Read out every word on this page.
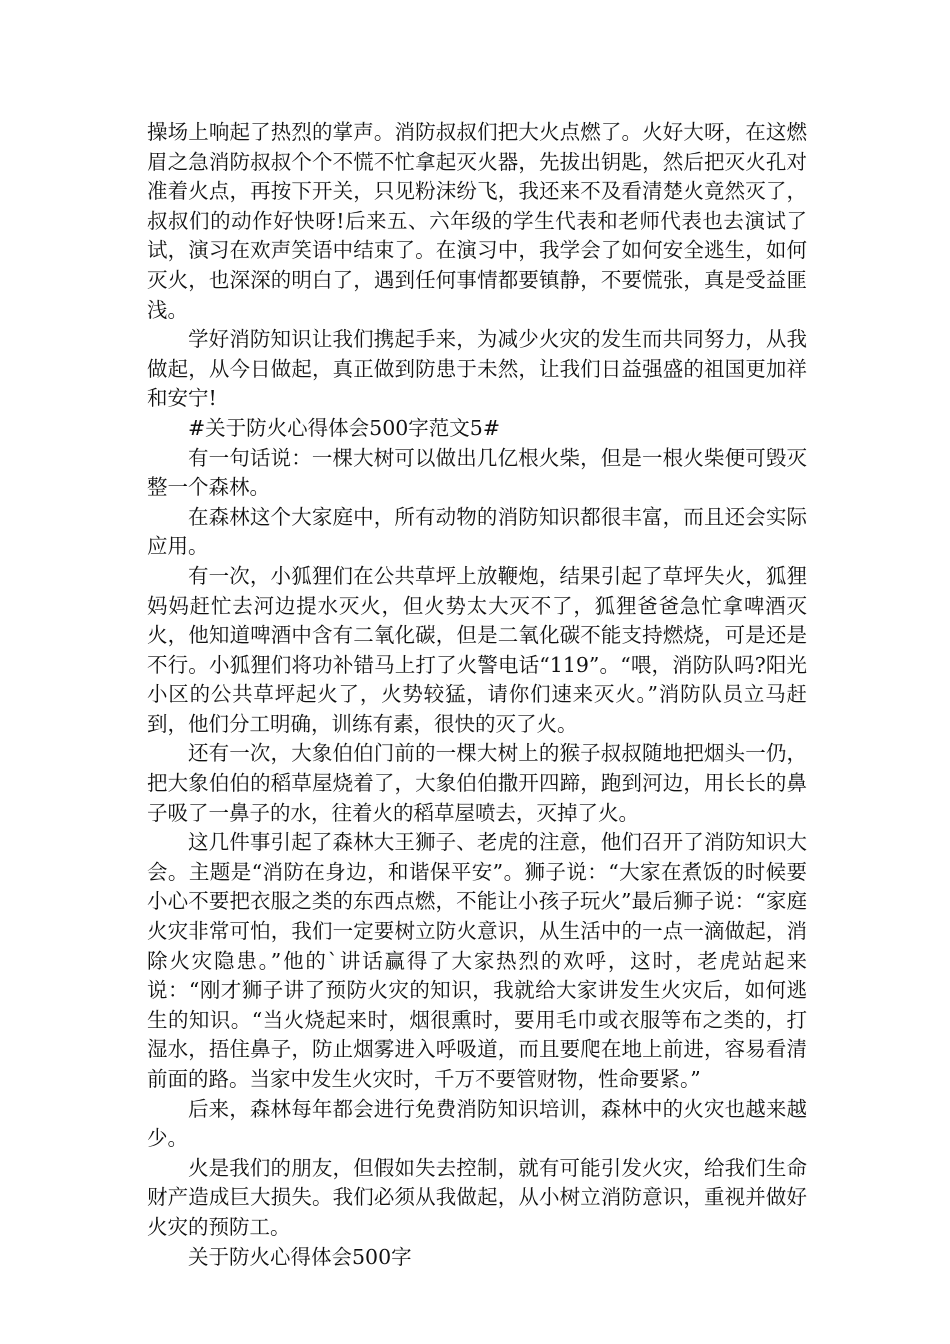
操场上响起了热烈的掌声。消防叔叔们把大火点燃了。火好大呀，在这燃眉之急消防叔叔个个不慌不忙拿起灭火器，先拔出钥匙，然后把灭火孔对准着火点，再按下开关，只见粉沫纷飞，我还来不及看清楚火竟然灭了，叔叔们的动作好快呀!后来五、六年级的学生代表和老师代表也去演试了试，演习在欢声笑语中结束了。在演习中，我学会了如何安全逃生，如何灭火，也深深的明白了，遇到任何事情都要镇静，不要慌张，真是受益匪浅。

学好消防知识让我们携起手来，为减少火灾的发生而共同努力，从我做起，从今日做起，真正做到防患于未然，让我们日益强盛的祖国更加祥和安宁!

#关于防火心得体会500字范文5#

有一句话说：一棵大树可以做出几亿根火柴，但是一根火柴便可毁灭整一个森林。

在森林这个大家庭中，所有动物的消防知识都很丰富，而且还会实际应用。

有一次，小狐狸们在公共草坪上放鞭炮，结果引起了草坪失火，狐狸妈妈赶忙去河边提水灭火，但火势太大灭不了，狐狸爸爸急忙拿啤酒灭火，他知道啤酒中含有二氧化碳，但是二氧化碳不能支持燃烧，可是还是不行。小狐狸们将功补错马上打了火警电话“119”。“喂，消防队吗?阳光小区的公共草坪起火了，火势较猛，请你们速来灭火。”消防队员立马赶到，他们分工明确，训练有素，很快的灭了火。

还有一次，大象伯伯门前的一棵大树上的猴子叔叔随地把烟头一仍，把大象伯伯的稻草屋烧着了，大象伯伯撒开四蹄，跑到河边，用长长的鼻子吸了一鼻子的水，往着火的稻草屋喷去，灭掉了火。

这几件事引起了森林大王狮子、老虎的注意，他们召开了消防知识大会。主题是“消防在身边，和谐保平安”。狮子说：“大家在煮饭的时候要小心不要把衣服之类的东西点燃，不能让小孩子玩火”最后狮子说：“家庭火灾非常可怕，我们一定要树立防火意识，从生活中的一点一滴做起，消除火灾隐患。”他的`讲话赢得了大家热烈的欢呼，这时，老虎站起来说：“刚才狮子讲了预防火灾的知识，我就给大家讲发生火灾后，如何逃生的知识。“当火烧起来时，烟很熏时，要用毛巾或衣服等布之类的，打湿水，捂住鼻子，防止烟雾进入呼吸道，而且要爬在地上前进，容易看清前面的路。当家中发生火灾时，千万不要管财物，性命要紧。”

后来，森林每年都会进行免费消防知识培训，森林中的火灾也越来越少。

火是我们的朋友，但假如失去控制，就有可能引发火灾，给我们生命财产造成巨大损失。我们必须从我做起，从小树立消防意识，重视并做好火灾的预防工。

关于防火心得体会500字
